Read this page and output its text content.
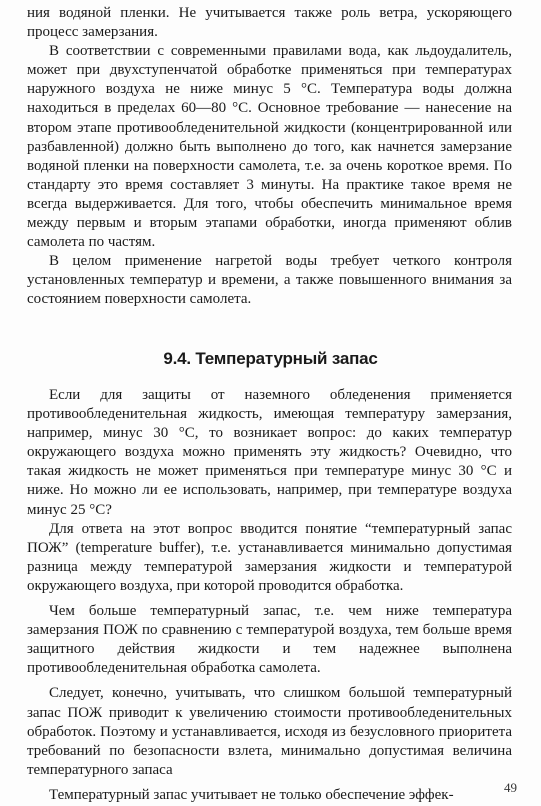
ния водяной пленки. Не учитывается также роль ветра, ускоряющего процесс замерзания.

В соответствии с современными правилами вода, как льдоудалитель, может при двухступенчатой обработке применяться при температурах наружного воздуха не ниже минус 5 °С. Температура воды должна находиться в пределах 60—80 °С. Основное требование — нанесение на втором этапе противообледенительной жидкости (концентрированной или разбавленной) должно быть выполнено до того, как начнется замерзание водяной пленки на поверхности самолета, т.е. за очень короткое время. По стандарту это время составляет 3 минуты. На практике такое время не всегда выдерживается. Для того, чтобы обеспечить минимальное время между первым и вторым этапами обработки, иногда применяют облив самолета по частям.

В целом применение нагретой воды требует четкого контроля установленных температур и времени, а также повышенного внимания за состоянием поверхности самолета.

9.4. Температурный запас

Если для защиты от наземного обледенения применяется противообледенительная жидкость, имеющая температуру замерзания, например, минус 30 °С, то возникает вопрос: до каких температур окружающего воздуха можно применять эту жидкость? Очевидно, что такая жидкость не может применяться при температуре минус 30 °С и ниже. Но можно ли ее использовать, например, при температуре воздуха минус 25 °С?

Для ответа на этот вопрос вводится понятие “температурный запас ПОЖ” (temperature buffer), т.е. устанавливается минимально допустимая разница между температурой замерзания жидкости и температурой окружающего воздуха, при которой проводится обработка.

Чем больше температурный запас, т.е. чем ниже температура замерзания ПОЖ по сравнению с температурой воздуха, тем больше время защитного действия жидкости и тем надежнее выполнена противообледенительная обработка самолета.

Следует, конечно, учитывать, что слишком большой температурный запас ПОЖ приводит к увеличению стоимости противообледенительных обработок. Поэтому и устанавливается, исходя из безусловного приоритета требований по безопасности взлета, минимально допустимая величина температурного запаса

Температурный запас учитывает не только обеспечение эффек-	49
